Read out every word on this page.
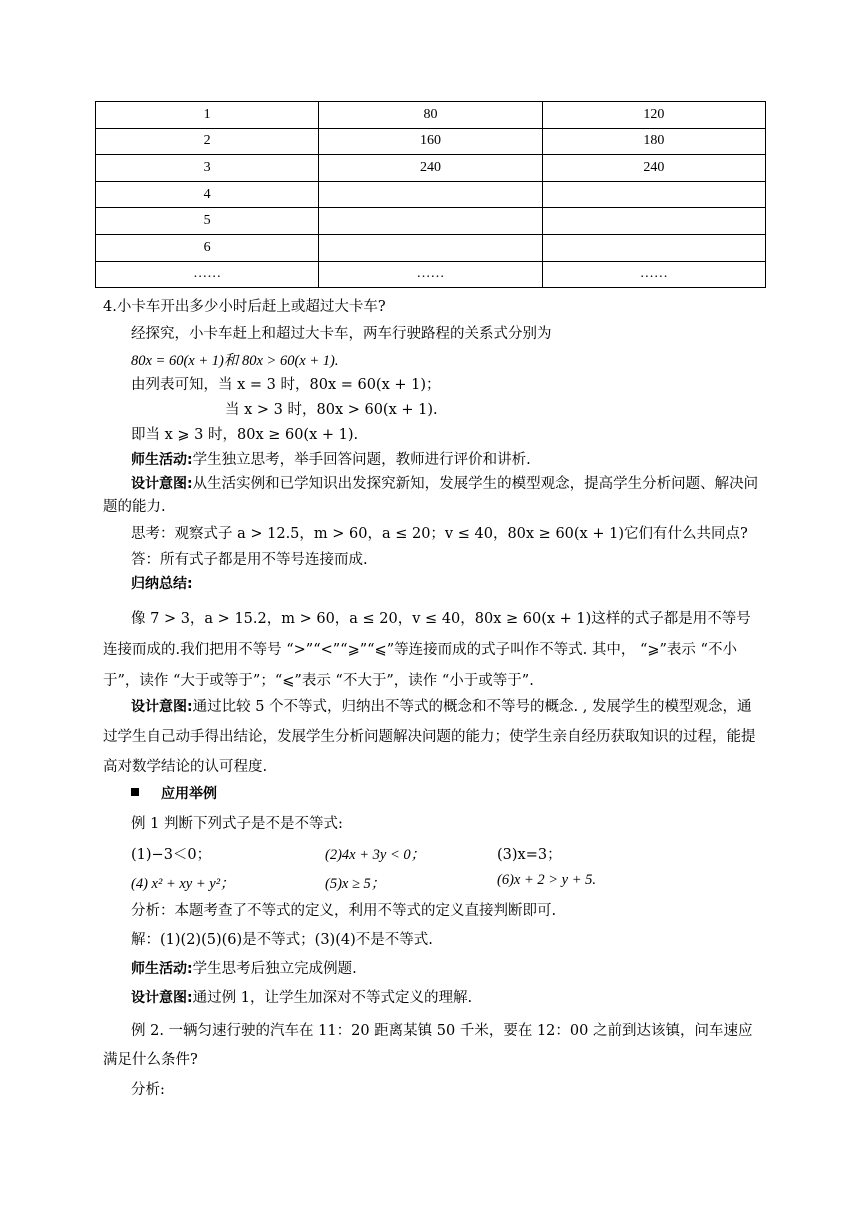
1	80	120
2	160	180
3	240	240
4		
5		
6		
……	……	……
4.小卡车开出多少小时后赶上或超过大卡车?
经探究，小卡车赶上和超过大卡车，两车行驶路程的关系式分别为
80x = 60(x + 1)和 80x > 60(x + 1).
由列表可知，当 x = 3 时，80x = 60(x + 1)；
当 x > 3 时，80x > 60(x + 1).
即当 x ⩾ 3 时，80x ≥ 60(x + 1).
师生活动:学生独立思考，举手回答问题，教师进行评价和讲析.
设计意图:从生活实例和已学知识出发探究新知，发展学生的模型观念，提高学生分析问题、解决问题的能力.
思考：观察式子 a > 12.5，m > 60，a ≤ 20；v ≤ 40，80x ≥ 60(x + 1)它们有什么共同点?
答：所有式子都是用不等号连接而成.
归纳总结:
像 7 > 3，a > 15.2，m > 60，a ≤ 20，v ≤ 40，80x ≥ 60(x + 1)这样的式子都是用不等号连接而成的.我们把用不等号 “>”“<”“⩾”“⩽”等连接而成的式子叫作不等式. 其中， “⩾”表示 “不小于”，读作 “大于或等于”；“⩽”表示 “不大于”，读作 “小于或等于”.
设计意图:通过比较 5 个不等式，归纳出不等式的概念和不等号的概念. , 发展学生的模型观念，通过学生自己动手得出结论，发展学生分析问题解决问题的能力；使学生亲自经历获取知识的过程，能提高对数学结论的认可程度.
应用举例
例 1 判断下列式子是不是不等式:
(1)−3＜0；	(2)4x + 3y < 0；	(3)x=3；
(4) x² + xy + y²；	(5)x ≥ 5；	(6)x + 2 > y + 5.
分析：本题考查了不等式的定义，利用不等式的定义直接判断即可.
解：(1)(2)(5)(6)是不等式；(3)(4)不是不等式.
师生活动:学生思考后独立完成例题.
设计意图:通过例 1，让学生加深对不等式定义的理解.
例 2. 一辆匀速行驶的汽车在 11：20 距离某镇 50 千米，要在 12：00 之前到达该镇，问车速应满足什么条件?
分析:
